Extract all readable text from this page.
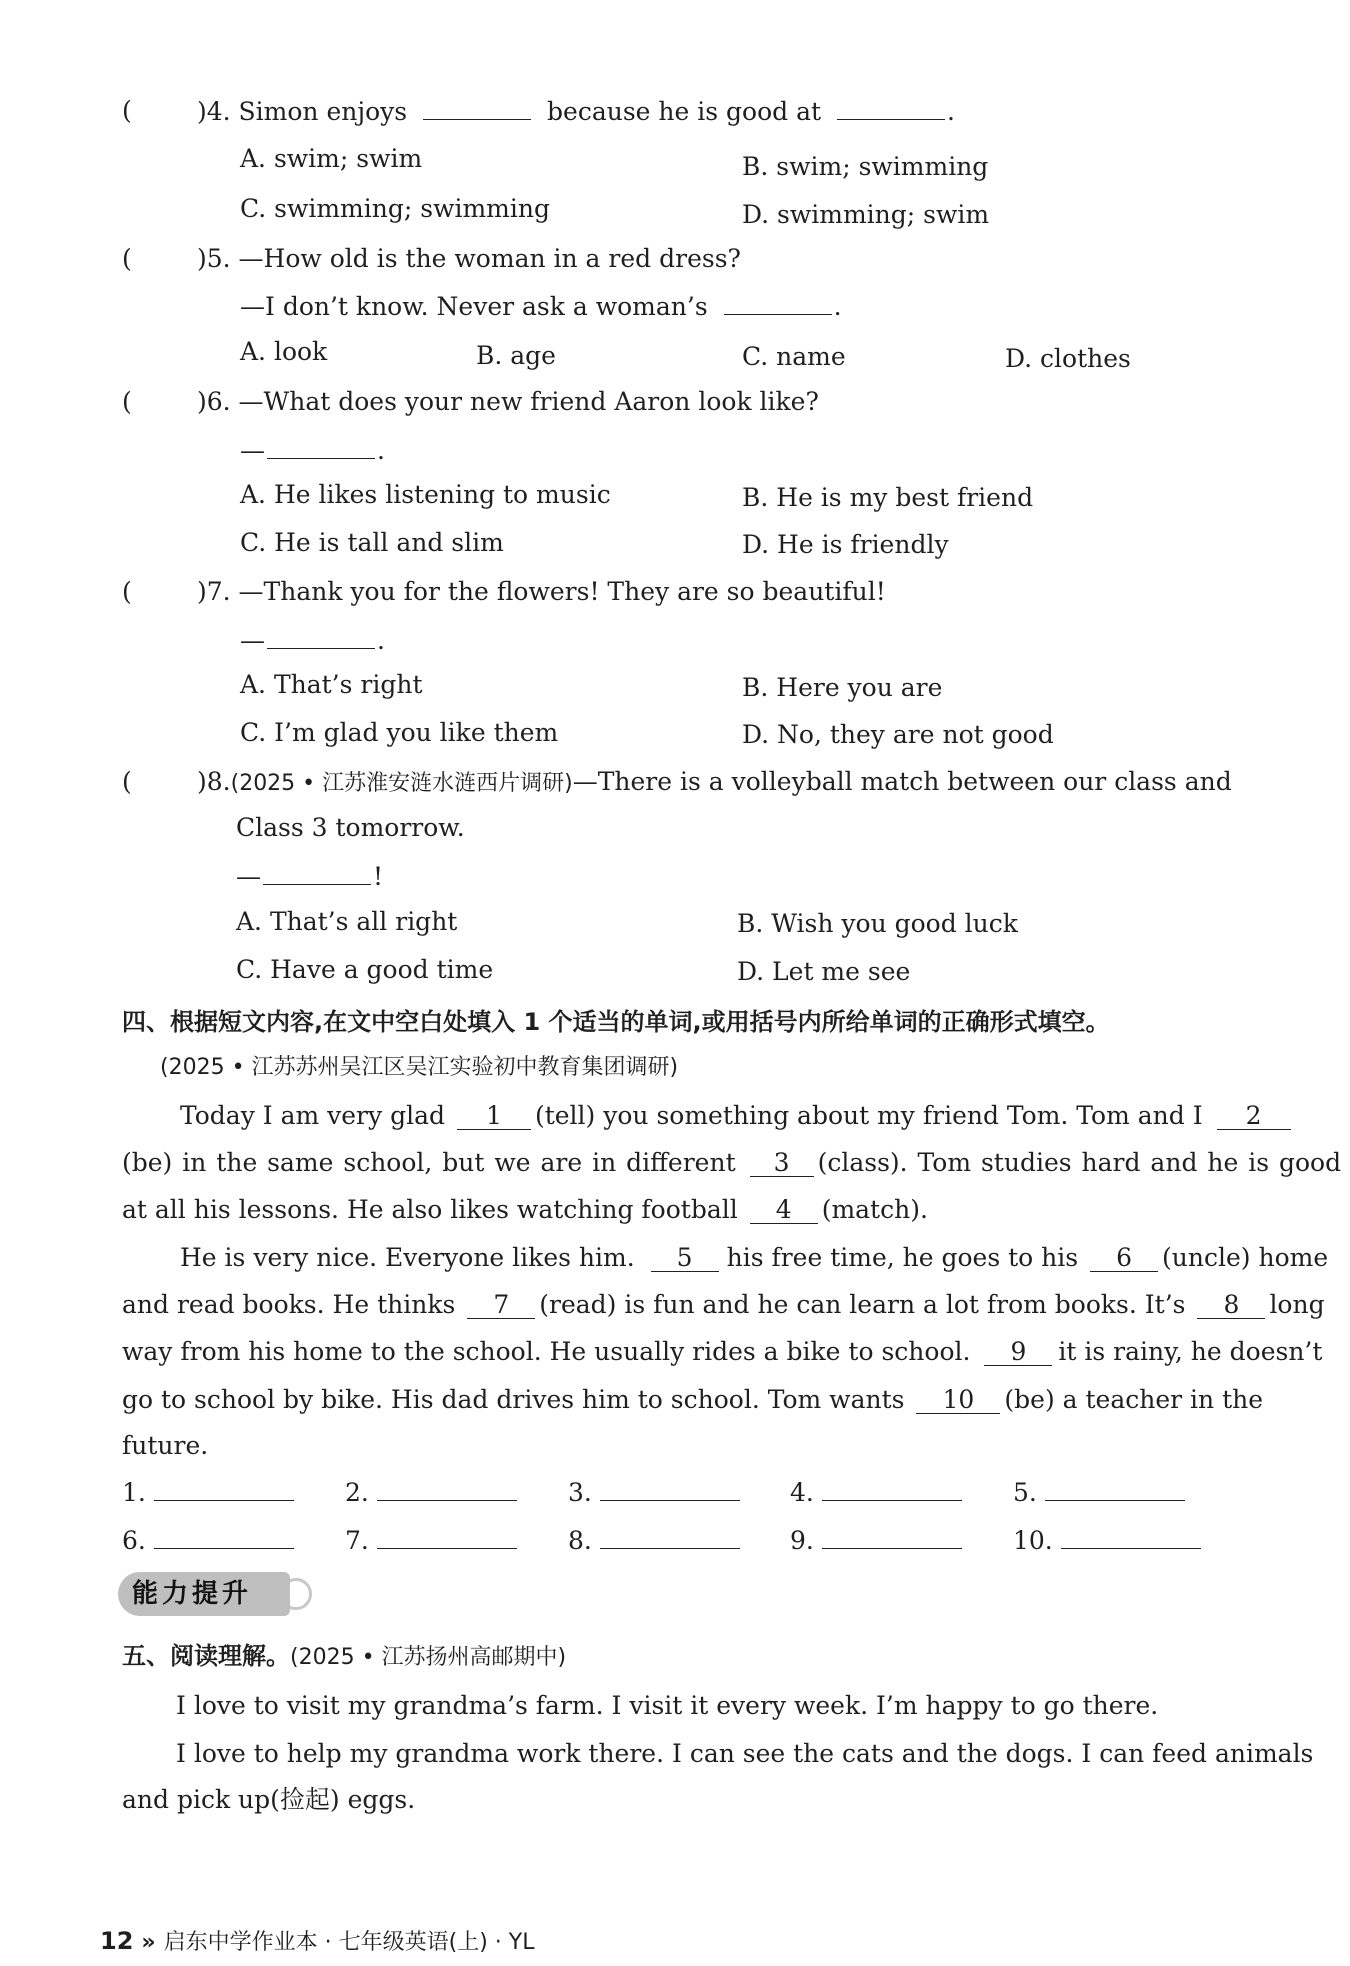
(	)4. Simon enjoys	because he is good at	.
A. swim; swim	B. swim; swimming
C. swimming; swimming	D. swimming; swim
(	)5. —How old is the woman in a red dress?
—I don’t know. Never ask a woman’s	.
A. look	B. age	C. name	D. clothes
(	)6. —What does your new friend Aaron look like?
—	.
A. He likes listening to music	B. He is my best friend
C. He is tall and slim	D. He is friendly
(	)7. —Thank you for the flowers! They are so beautiful!
—	.
A. That’s right	B. Here you are
C. I’m glad you like them	D. No, they are not good
(	)8.(2025 • 江苏淮安涟水涟西片调研)—There is a volleyball match between our class and
Class 3 tomorrow.
—	!
A. That’s all right	B. Wish you good luck
C. Have a good time	D. Let me see
四、根据短文内容,在文中空白处填入 1 个适当的单词,或用括号内所给单词的正确形式填空。
(2025 • 江苏苏州吴江区吴江实验初中教育集团调研)
Today I am very glad 1 (tell) you something about my friend Tom. Tom and I 2
(be) in the same school, but we are in different 3 (class). Tom studies hard and he is good
at all his lessons. He also likes watching football 4 (match).
He is very nice. Everyone likes him. 5 his free time, he goes to his 6 (uncle) home
and read books. He thinks 7 (read) is fun and he can learn a lot from books. It’s 8 long
way from his home to the school. He usually rides a bike to school. 9 it is rainy, he doesn’t
go to school by bike. His dad drives him to school. Tom wants 10 (be) a teacher in the
future.
1.	2.	3.	4.	5.
6.	7.	8.	9.	10.
能力提升
五、阅读理解。(2025 • 江苏扬州高邮期中)
I love to visit my grandma’s farm. I visit it every week. I’m happy to go there.
I love to help my grandma work there. I can see the cats and the dogs. I can feed animals
and pick up(捡起) eggs.
12 » 启东中学作业本 · 七年级英语(上) · YL
